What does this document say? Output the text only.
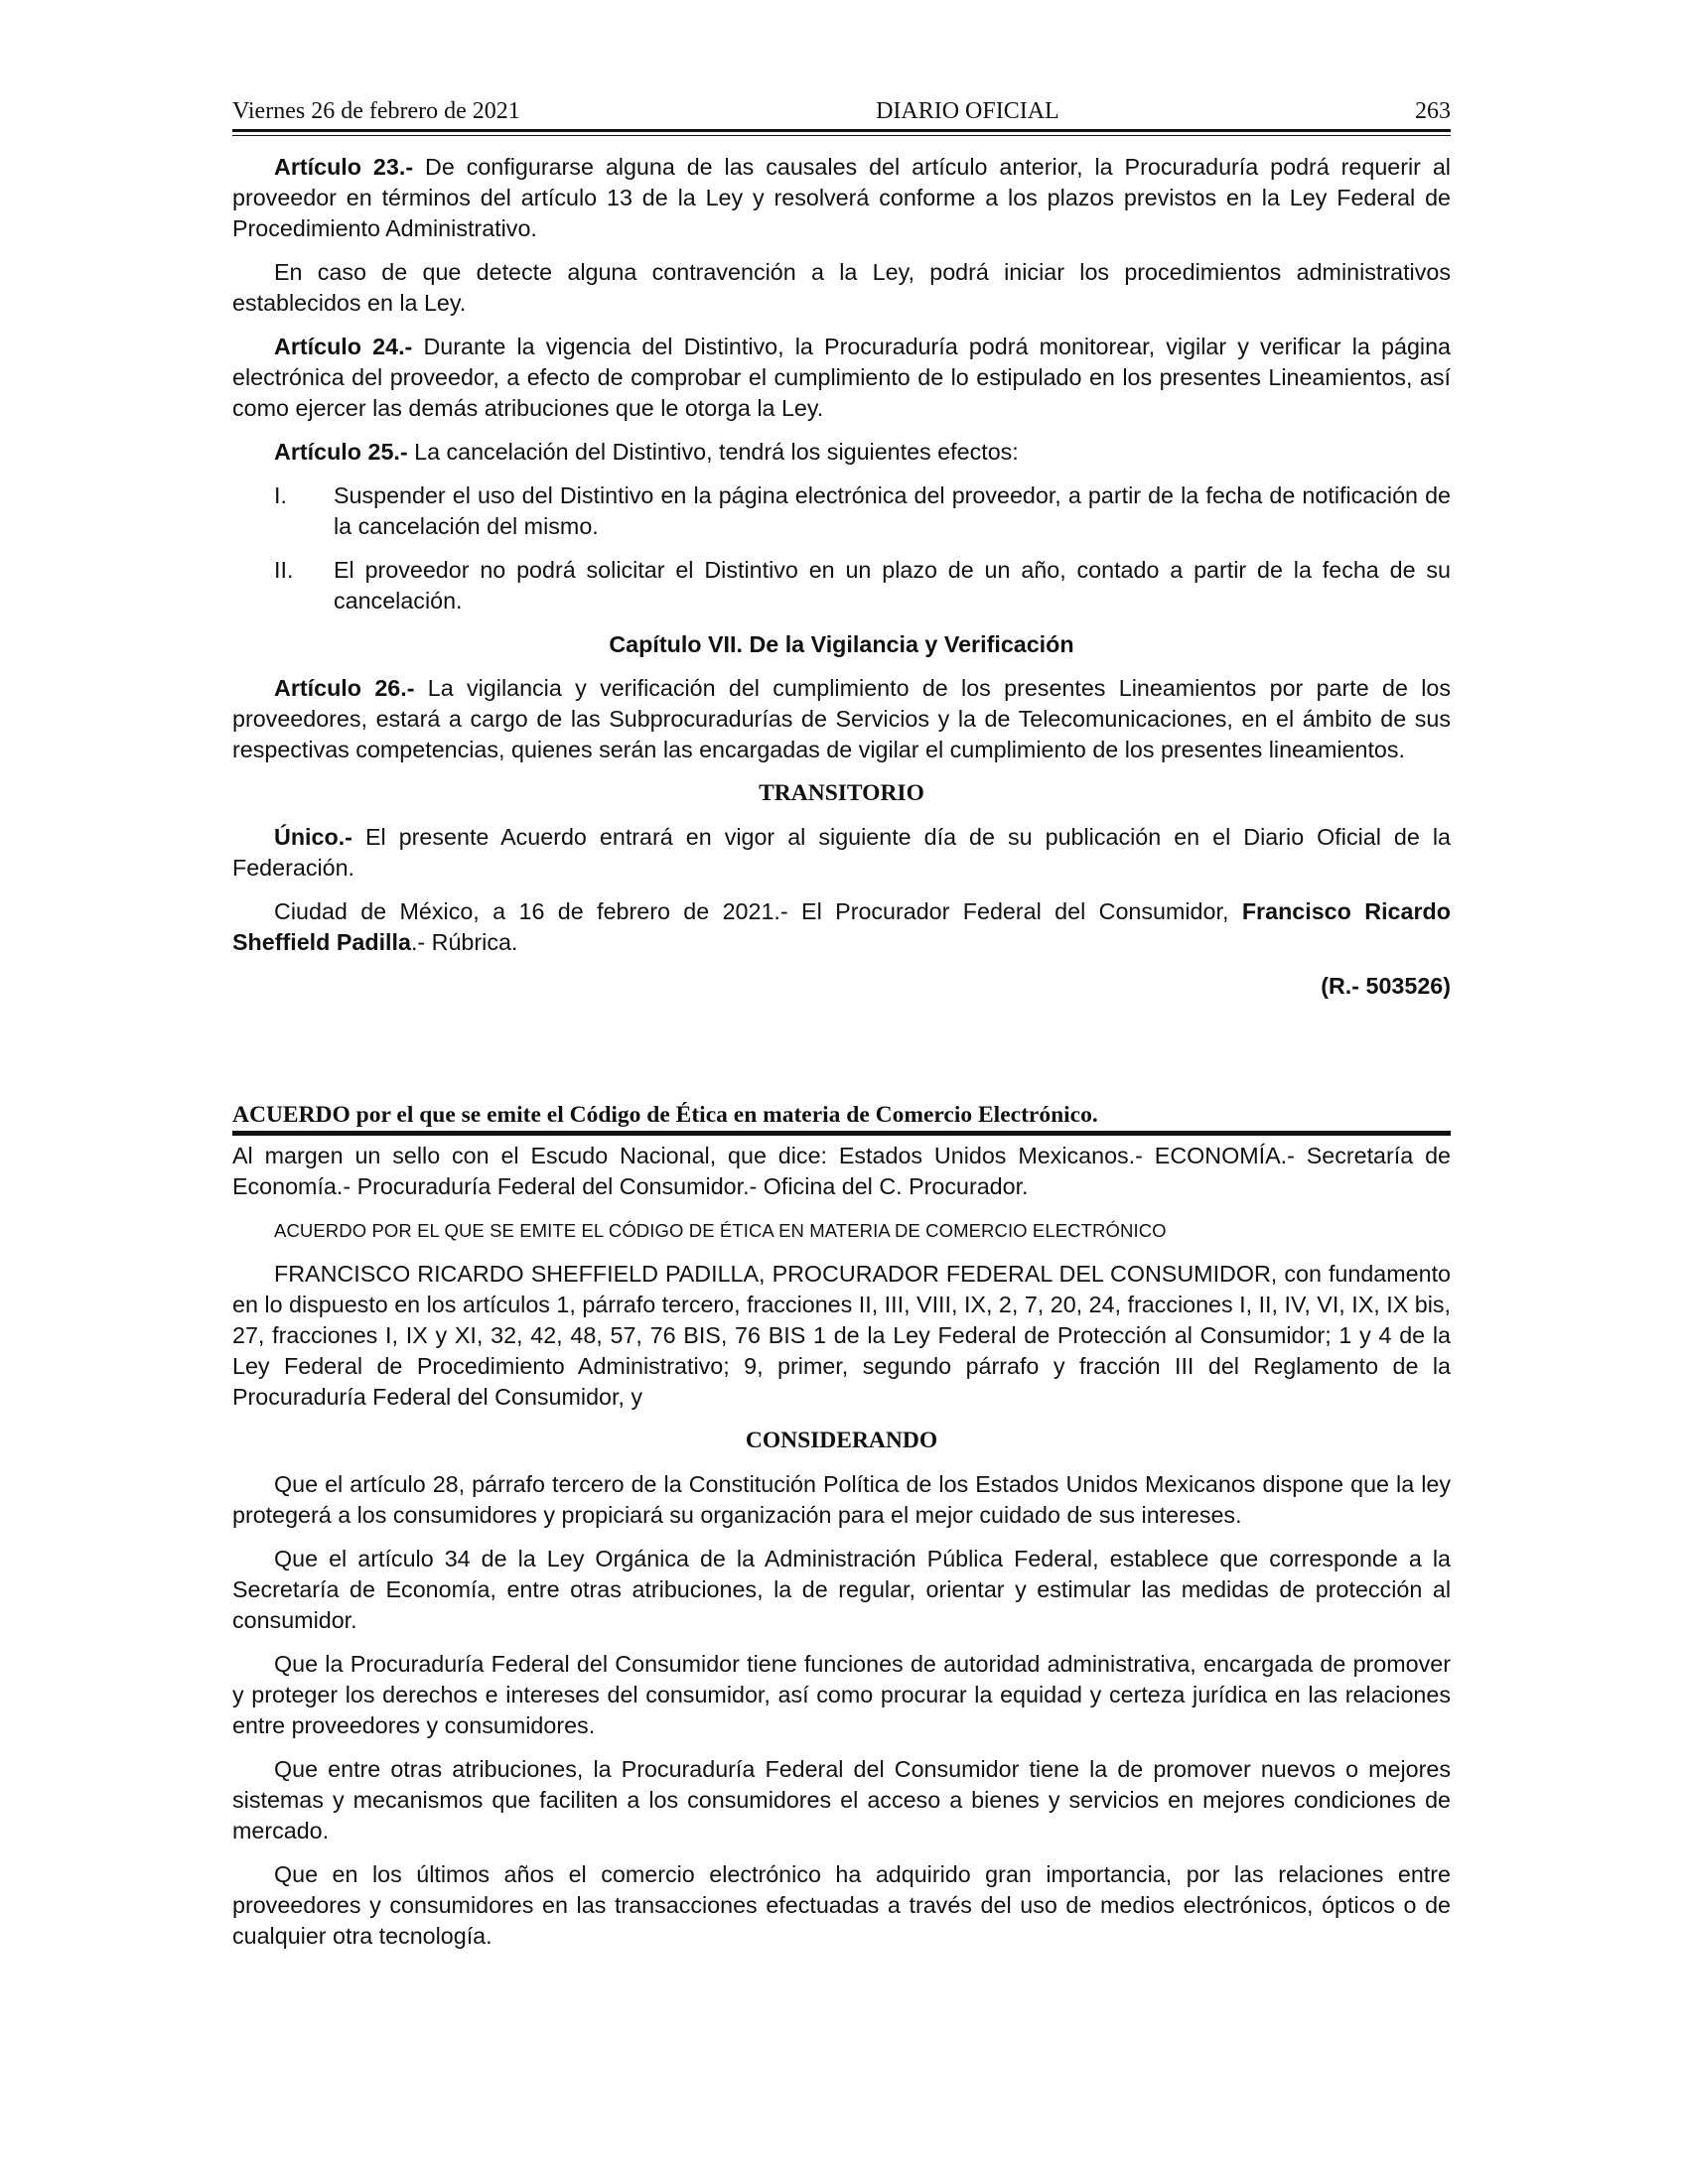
Viernes 26 de febrero de 2021	DIARIO OFICIAL	263

Artículo 23.- De configurarse alguna de las causales del artículo anterior, la Procuraduría podrá requerir al proveedor en términos del artículo 13 de la Ley y resolverá conforme a los plazos previstos en la Ley Federal de Procedimiento Administrativo.

En caso de que detecte alguna contravención a la Ley, podrá iniciar los procedimientos administrativos establecidos en la Ley.

Artículo 24.- Durante la vigencia del Distintivo, la Procuraduría podrá monitorear, vigilar y verificar la página electrónica del proveedor, a efecto de comprobar el cumplimiento de lo estipulado en los presentes Lineamientos, así como ejercer las demás atribuciones que le otorga la Ley.

Artículo 25.- La cancelación del Distintivo, tendrá los siguientes efectos:

I.	Suspender el uso del Distintivo en la página electrónica del proveedor, a partir de la fecha de notificación de la cancelación del mismo.
II.	El proveedor no podrá solicitar el Distintivo en un plazo de un año, contado a partir de la fecha de su cancelación.

Capítulo VII. De la Vigilancia y Verificación

Artículo 26.- La vigilancia y verificación del cumplimiento de los presentes Lineamientos por parte de los proveedores, estará a cargo de las Subprocuradurías de Servicios y la de Telecomunicaciones, en el ámbito de sus respectivas competencias, quienes serán las encargadas de vigilar el cumplimiento de los presentes lineamientos.

TRANSITORIO

Único.- El presente Acuerdo entrará en vigor al siguiente día de su publicación en el Diario Oficial de la Federación.

Ciudad de México, a 16 de febrero de 2021.- El Procurador Federal del Consumidor, Francisco Ricardo Sheffield Padilla.- Rúbrica.

(R.- 503526)

ACUERDO por el que se emite el Código de Ética en materia de Comercio Electrónico.

Al margen un sello con el Escudo Nacional, que dice: Estados Unidos Mexicanos.- ECONOMÍA.- Secretaría de Economía.- Procuraduría Federal del Consumidor.- Oficina del C. Procurador.

ACUERDO POR EL QUE SE EMITE EL CÓDIGO DE ÉTICA EN MATERIA DE COMERCIO ELECTRÓNICO

FRANCISCO RICARDO SHEFFIELD PADILLA, PROCURADOR FEDERAL DEL CONSUMIDOR, con fundamento en lo dispuesto en los artículos 1, párrafo tercero, fracciones II, III, VIII, IX, 2, 7, 20, 24, fracciones I, II, IV, VI, IX, IX bis, 27, fracciones I, IX y XI, 32, 42, 48, 57, 76 BIS, 76 BIS 1 de la Ley Federal de Protección al Consumidor; 1 y 4 de la Ley Federal de Procedimiento Administrativo; 9, primer, segundo párrafo y fracción III del Reglamento de la Procuraduría Federal del Consumidor, y

CONSIDERANDO

Que el artículo 28, párrafo tercero de la Constitución Política de los Estados Unidos Mexicanos dispone que la ley protegerá a los consumidores y propiciará su organización para el mejor cuidado de sus intereses.

Que el artículo 34 de la Ley Orgánica de la Administración Pública Federal, establece que corresponde a la Secretaría de Economía, entre otras atribuciones, la de regular, orientar y estimular las medidas de protección al consumidor.

Que la Procuraduría Federal del Consumidor tiene funciones de autoridad administrativa, encargada de promover y proteger los derechos e intereses del consumidor, así como procurar la equidad y certeza jurídica en las relaciones entre proveedores y consumidores.

Que entre otras atribuciones, la Procuraduría Federal del Consumidor tiene la de promover nuevos o mejores sistemas y mecanismos que faciliten a los consumidores el acceso a bienes y servicios en mejores condiciones de mercado.

Que en los últimos años el comercio electrónico ha adquirido gran importancia, por las relaciones entre proveedores y consumidores en las transacciones efectuadas a través del uso de medios electrónicos, ópticos o de cualquier otra tecnología.
